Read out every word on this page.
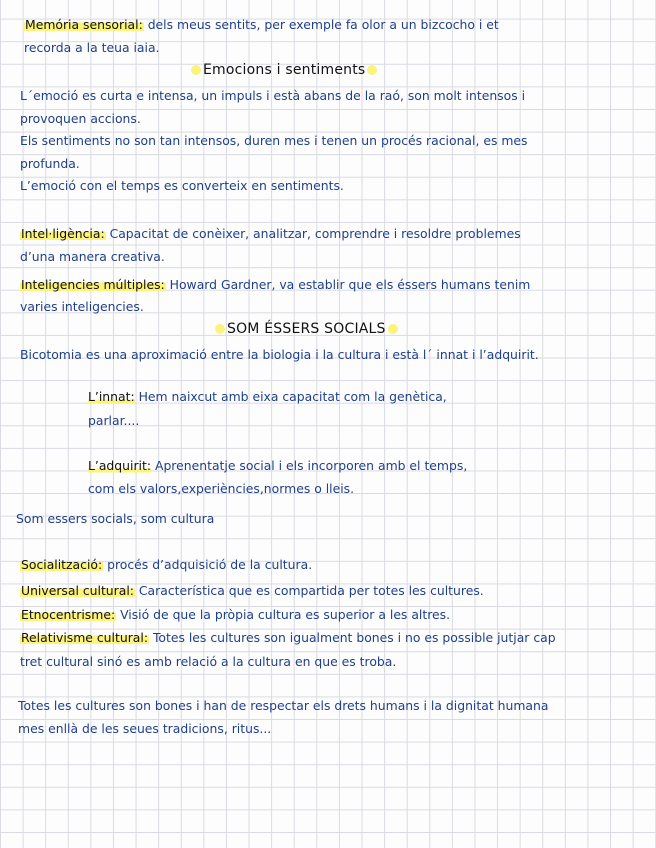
Memória sensorial: dels meus sentits, per exemple fa olor a un bizcocho i et
recorda a la teua iaia.
Emocions i sentiments
L´emoció es curta e intensa, un impuls i està abans de la raó, son molt intensos i
provoquen accions.
Els sentiments no son tan intensos, duren mes i tenen un procés racional, es mes
profunda.
L’emoció con el temps es converteix en sentiments.
Intel·ligència: Capacitat de conèixer, analitzar, comprendre i resoldre problemes
d’una manera creativa.
Inteligencies múltiples: Howard Gardner, va establir que els éssers humans tenim
varies inteligencies.
SOM ÉSSERS SOCIALS
Bicotomia es una aproximació entre la biologia i la cultura i està l´ innat i l’adquirit.
L’innat: Hem naixcut amb eixa capacitat com la genètica,
parlar....
L’adquirit: Aprenentatje social i els incorporen amb el temps,
com els valors,experiències,normes o lleis.
Som essers socials, som cultura
Socialització: procés d’adquisició de la cultura.
Universal cultural: Característica que es compartida per totes les cultures.
Etnocentrisme: Visió de que la pròpia cultura es superior a les altres.
Relativisme cultural: Totes les cultures son igualment bones i no es possible jutjar cap
tret cultural sinó es amb relació a la cultura en que es troba.
Totes les cultures son bones i han de respectar els drets humans i la dignitat humana
mes enllà de les seues tradicions, ritus...
